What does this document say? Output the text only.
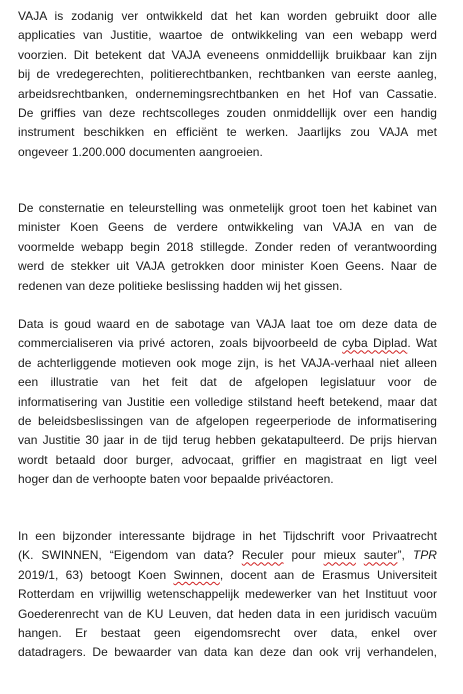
VAJA is zodanig ver ontwikkeld dat het kan worden gebruikt door alle
applicaties van Justitie, waartoe de ontwikkeling van een webapp werd
voorzien. Dit betekent dat VAJA eveneens onmiddellijk bruikbaar kan zijn
bij de vredegerechten, politierechtbanken, rechtbanken van eerste aanleg,
arbeidsrechtbanken, ondernemingsrechtbanken en het Hof van Cassatie.
De griffies van deze rechtscolleges zouden onmiddellijk over een handig
instrument beschikken en efficiënt te werken. Jaarlijks zou VAJA met
ongeveer 1.200.000 documenten aangroeien.
De consternatie en teleurstelling was onmetelijk groot toen het kabinet van
minister Koen Geens de verdere ontwikkeling van VAJA en van de
voormelde webapp begin 2018 stillegde. Zonder reden of verantwoording
werd de stekker uit VAJA getrokken door minister Koen Geens. Naar de
redenen van deze politieke beslissing hadden wij het gissen.
Data is goud waard en de sabotage van VAJA laat toe om deze data de
commercialiseren via privé actoren, zoals bijvoorbeeld de cyba Diplad. Wat
de achterliggende motieven ook moge zijn, is het VAJA-verhaal niet alleen
een illustratie van het feit dat de afgelopen legislatuur voor de
informatisering van Justitie een volledige stilstand heeft betekend, maar dat
de beleidsbeslissingen van de afgelopen regeerperiode de informatisering
van Justitie 30 jaar in de tijd terug hebben gekatapulteerd. De prijs hiervan
wordt betaald door burger, advocaat, griffier en magistraat en ligt veel
hoger dan de verhoopte baten voor bepaalde privéactoren.
In een bijzonder interessante bijdrage in het Tijdschrift voor Privaatrecht
(K. SWINNEN, “Eigendom van data? Reculer pour mieux sauter”, TPR
2019/1, 63) betoogt Koen Swinnen, docent aan de Erasmus Universiteit
Rotterdam en vrijwillig wetenschappelijk medewerker van het Instituut voor
Goederenrecht van de KU Leuven, dat heden data in een juridisch vacuüm
hangen. Er bestaat geen eigendomsrecht over data, enkel over
datadragers. De bewaarder van data kan deze dan ook vrij verhandelen,
